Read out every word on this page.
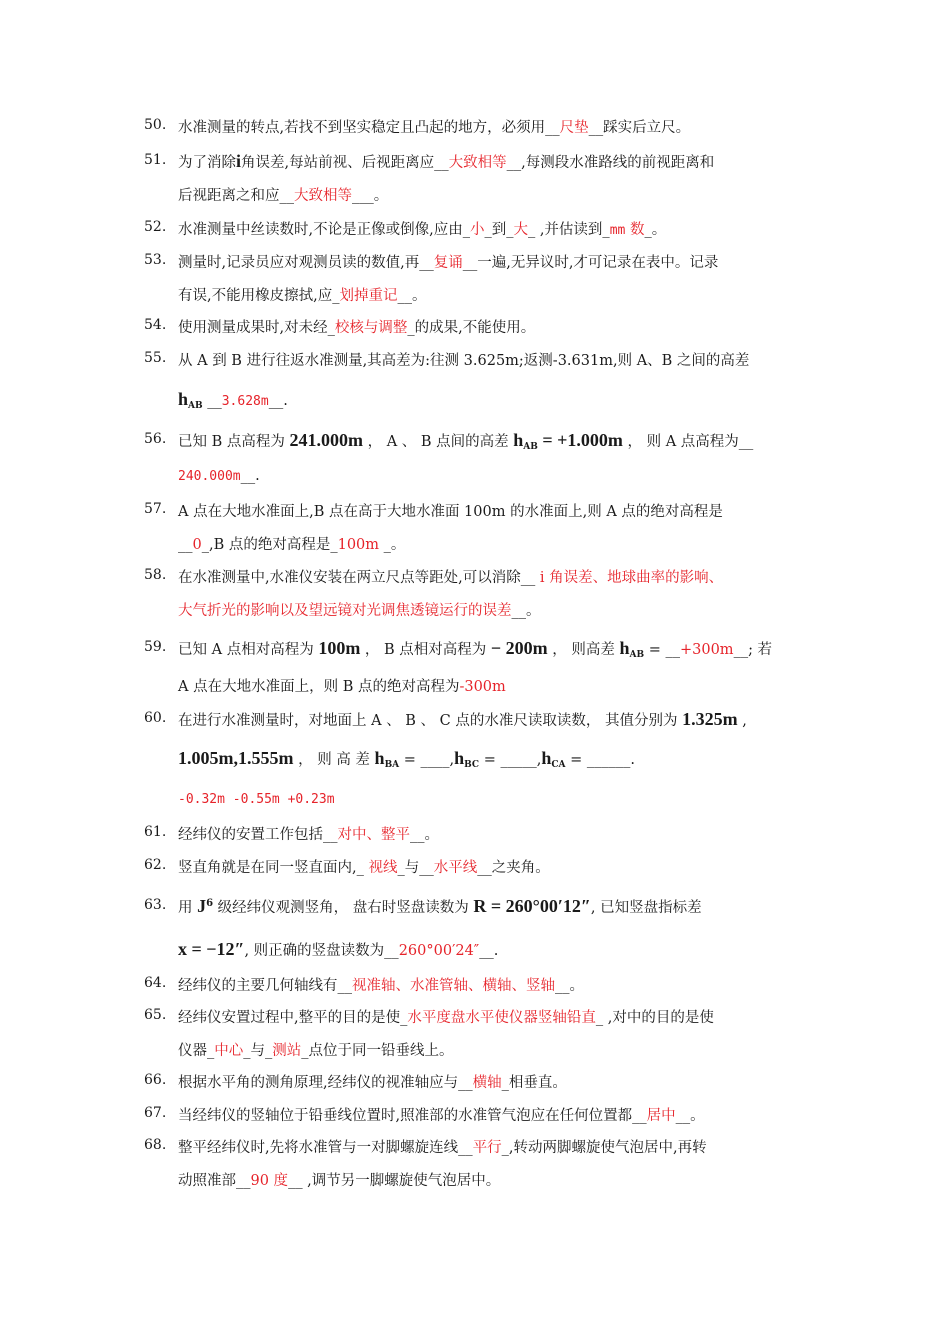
50. 水准测量的转点,若找不到坚实稳定且凸起的地方，必须用__尺垫__踩实后立尺。
51. 为了消除i角误差,每站前视、后视距离应__大致相等__,每测段水准路线的前视距离和
后视距离之和应__大致相等___。
52. 水准测量中丝读数时,不论是正像或倒像,应由_小_到_大_ ,并估读到_mm 数_。
53. 测量时,记录员应对观测员读的数值,再__复诵__一遍,无异议时,才可记录在表中。记录
有误,不能用橡皮擦拭,应_划掉重记__。
54. 使用测量成果时,对未经_校核与调整_的成果,不能使用。
55. 从 A 到 B 进行往返水准测量,其高差为:往测 3.625m;返测-3.631m,则 A、B 之间的高差
$h_{AB}$ __3.628m__.
56. 已知 B 点高程为 241.000m ， A 、 B 点间的高差 $h_{AB} = +1.000m$ ， 则 A 点高程为__
240.000m__.
57. A 点在大地水准面上,B 点在高于大地水准面 100m 的水准面上,则 A 点的绝对高程是
__0_,B 点的绝对高程是_100m _。
58. 在水准测量中,水准仪安装在两立尺点等距处,可以消除__ i 角误差、地球曲率的影响、
大气折光的影响以及望远镜对光调焦透镜运行的误差__。
59. 已知 A 点相对高程为 100m ， B 点相对高程为 − 200m ， 则高差 $h_{AB}$ = __+300m__; 若
A 点在大地水准面上，则 B 点的绝对高程为-300m
60. 在进行水准测量时，对地面上 A 、 B 、 C 点的水准尺读取读数， 其值分别为 1.325m ,
1.005m,1.555m ， 则 高 差 $h_{BA}$ = $\_\_\_\_,h_{BC}$ = $\_\_\_\_\_,h_{CA}$ = ______.
-0.32m -0.55m +0.23m
61. 经纬仪的安置工作包括__对中、整平__。
62. 竖直角就是在同一竖直面内,_ 视线_与__水平线__之夹角。
63. 用 $J^6$ 级经纬仪观测竖角， 盘右时竖盘读数为 R = 260°00′12″, 已知竖盘指标差
x = −12″, 则正确的竖盘读数为__260°00′24″__.
64. 经纬仪的主要几何轴线有__视准轴、水准管轴、横轴、竖轴__。
65. 经纬仪安置过程中,整平的目的是使_水平度盘水平使仪器竖轴铅直_ ,对中的目的是使
仪器_中心_与_测站_点位于同一铅垂线上。
66. 根据水平角的测角原理,经纬仪的视准轴应与__横轴_相垂直。
67. 当经纬仪的竖轴位于铅垂线位置时,照准部的水准管气泡应在任何位置都__居中__。
68. 整平经纬仪时,先将水准管与一对脚螺旋连线__平行_,转动两脚螺旋使气泡居中,再转
动照准部__90 度__ ,调节另一脚螺旋使气泡居中。
